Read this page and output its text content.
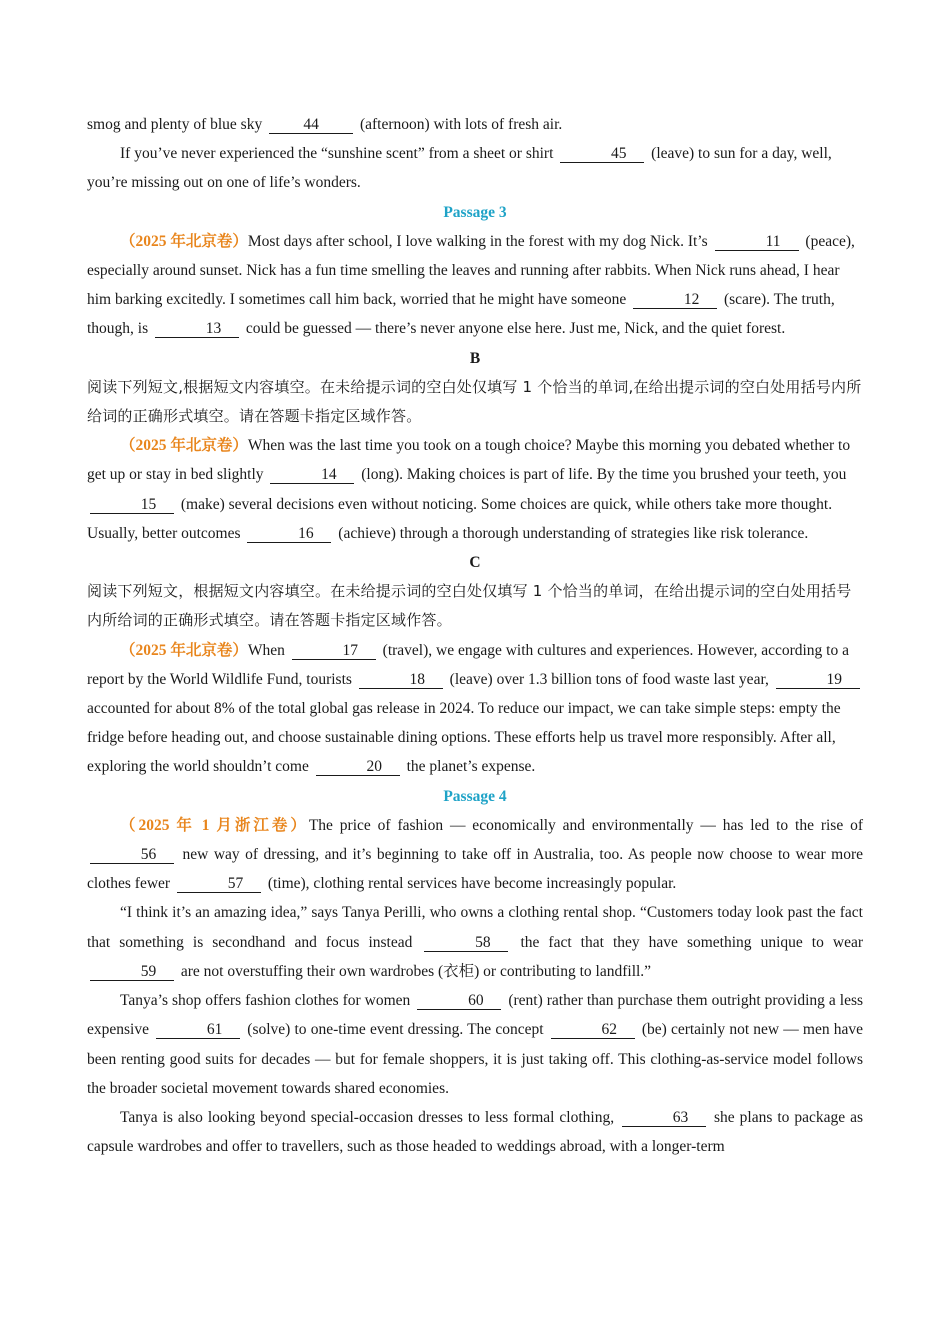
smog and plenty of blue sky	44	(afternoon) with lots of fresh air.

If you’ve never experienced the “sunshine scent” from a sheet or shirt	45 (leave) to sun for a day, well, you’re missing out on one of life’s wonders.

Passage 3

（2025 年北京卷）Most days after school, I love walking in the forest with my dog Nick. It’s	11 (peace), especially around sunset. Nick has a fun time smelling the leaves and running after rabbits. When Nick runs ahead, I hear him barking excitedly. I sometimes call him back, worried that he might have someone	12 (scare). The truth, though, is	13 could be guessed — there’s never anyone else here. Just me, Nick, and the quiet forest.

B

阅读下列短文,根据短文内容填空。在未给提示词的空白处仅填写 1 个恰当的单词,在给出提示词的空白处用括号内所给词的正确形式填空。请在答题卡指定区域作答。

（2025 年北京卷）When was the last time you took on a tough choice? Maybe this morning you debated whether to get up or stay in bed slightly	14 (long). Making choices is part of life. By the time you brushed your teeth, you 15 (make) several decisions even without noticing. Some choices are quick, while others take more thought. Usually, better outcomes	16 (achieve) through a thorough understanding of strategies like risk tolerance.

C

阅读下列短文，根据短文内容填空。在未给提示词的空白处仅填写 1 个恰当的单词，在给出提示词的空白处用括号内所给词的正确形式填空。请在答题卡指定区域作答。

（2025 年北京卷）When	17 (travel), we engage with cultures and experiences. However, according to a report by the World Wildlife Fund, tourists	18 (leave) over 1.3 billion tons of food waste last year,	19 accounted for about 8% of the total global gas release in 2024. To reduce our impact, we can take simple steps: empty the fridge before heading out, and choose sustainable dining options. These efforts help us travel more responsibly. After all, exploring the world shouldn’t come	20 the planet’s expense.

Passage 4

（2025 年 1 月浙江卷）The price of fashion — economically and environmentally — has led to the rise of 56 new way of dressing, and it’s beginning to take off in Australia, too. As people now choose to wear more clothes fewer	57 (time), clothing rental services have become increasingly popular.

“I think it’s an amazing idea,” says Tanya Perilli, who owns a clothing rental shop. “Customers today look past the fact that something is secondhand and focus instead	58 the fact that they have something unique to wear 59 are not overstuffing their own wardrobes (衣柜) or contributing to landfill.”

Tanya’s shop offers fashion clothes for women	60 (rent) rather than purchase them outright providing a less expensive	61 (solve) to one-time event dressing. The concept	62 (be) certainly not new — men have been renting good suits for decades — but for female shoppers, it is just taking off. This clothing-as-service model follows the broader societal movement towards shared economies.

Tanya is also looking beyond special-occasion dresses to less formal clothing,	63 she plans to package as capsule wardrobes and offer to travellers, such as those headed to weddings abroad, with a longer-term
